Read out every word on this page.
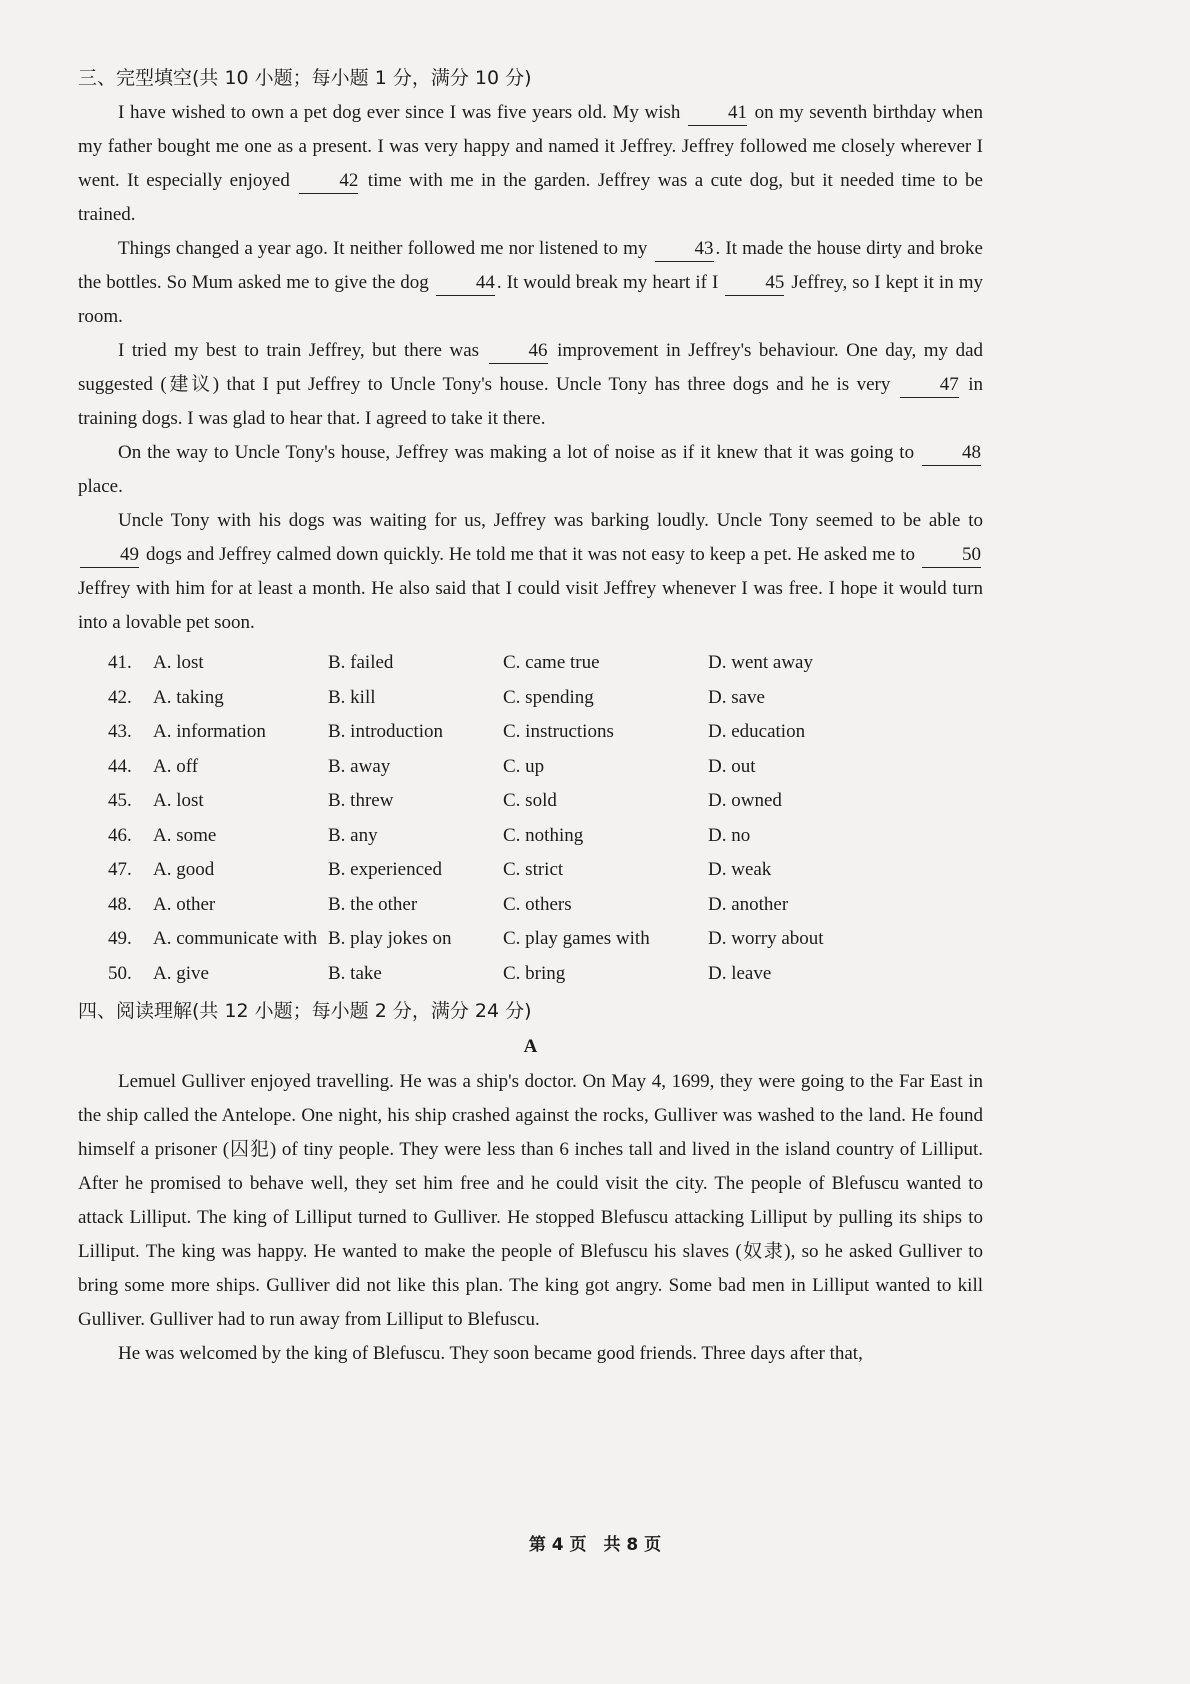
三、完型填空(共 10 小题；每小题 1 分，满分 10 分)

I have wished to own a pet dog ever since I was five years old. My wish 41 on my seventh birthday when my father bought me one as a present. I was very happy and named it Jeffrey. Jeffrey followed me closely wherever I went. It especially enjoyed 42 time with me in the garden. Jeffrey was a cute dog, but it needed time to be trained.

Things changed a year ago. It neither followed me nor listened to my 43 . It made the house dirty and broke the bottles. So Mum asked me to give the dog 44 . It would break my heart if I 45 Jeffrey, so I kept it in my room.

I tried my best to train Jeffrey, but there was 46 improvement in Jeffrey's behaviour. One day, my dad suggested (建议) that I put Jeffrey to Uncle Tony's house. Uncle Tony has three dogs and he is very 47 in training dogs. I was glad to hear that. I agreed to take it there.

On the way to Uncle Tony's house, Jeffrey was making a lot of noise as if it knew that it was going to 48 place.

Uncle Tony with his dogs was waiting for us, Jeffrey was barking loudly. Uncle Tony seemed to be able to 49 dogs and Jeffrey calmed down quickly. He told me that it was not easy to keep a pet. He asked me to 50 Jeffrey with him for at least a month. He also said that I could visit Jeffrey whenever I was free. I hope it would turn into a lovable pet soon.

41.	A. lost	B. failed	C. came true	D. went away
42.	A. taking	B. kill	C. spending	D. save
43.	A. information	B. introduction	C. instructions	D. education
44.	A. off	B. away	C. up	D. out
45.	A. lost	B. threw	C. sold	D. owned
46.	A. some	B. any	C. nothing	D. no
47.	A. good	B. experienced	C. strict	D. weak
48.	A. other	B. the other	C. others	D. another
49.	A. communicate with B. play jokes on	C. play games with	D. worry about
50.	A. give	B. take	C. bring	D. leave
四、阅读理解(共 12 小题；每小题 2 分，满分 24 分)

A

Lemuel Gulliver enjoyed travelling. He was a ship's doctor. On May 4, 1699, they were going to the Far East in the ship called the Antelope. One night, his ship crashed against the rocks, Gulliver was washed to the land. He found himself a prisoner (囚犯) of tiny people. They were less than 6 inches tall and lived in the island country of Lilliput. After he promised to behave well, they set him free and he could visit the city. The people of Blefuscu wanted to attack Lilliput. The king of Lilliput turned to Gulliver. He stopped Blefuscu attacking Lilliput by pulling its ships to Lilliput. The king was happy. He wanted to make the people of Blefuscu his slaves (奴隶), so he asked Gulliver to bring some more ships. Gulliver did not like this plan. The king got angry. Some bad men in Lilliput wanted to kill Gulliver. Gulliver had to run away from Lilliput to Blefuscu.

He was welcomed by the king of Blefuscu. They soon became good friends. Three days after that,

第 4 页　共 8 页
